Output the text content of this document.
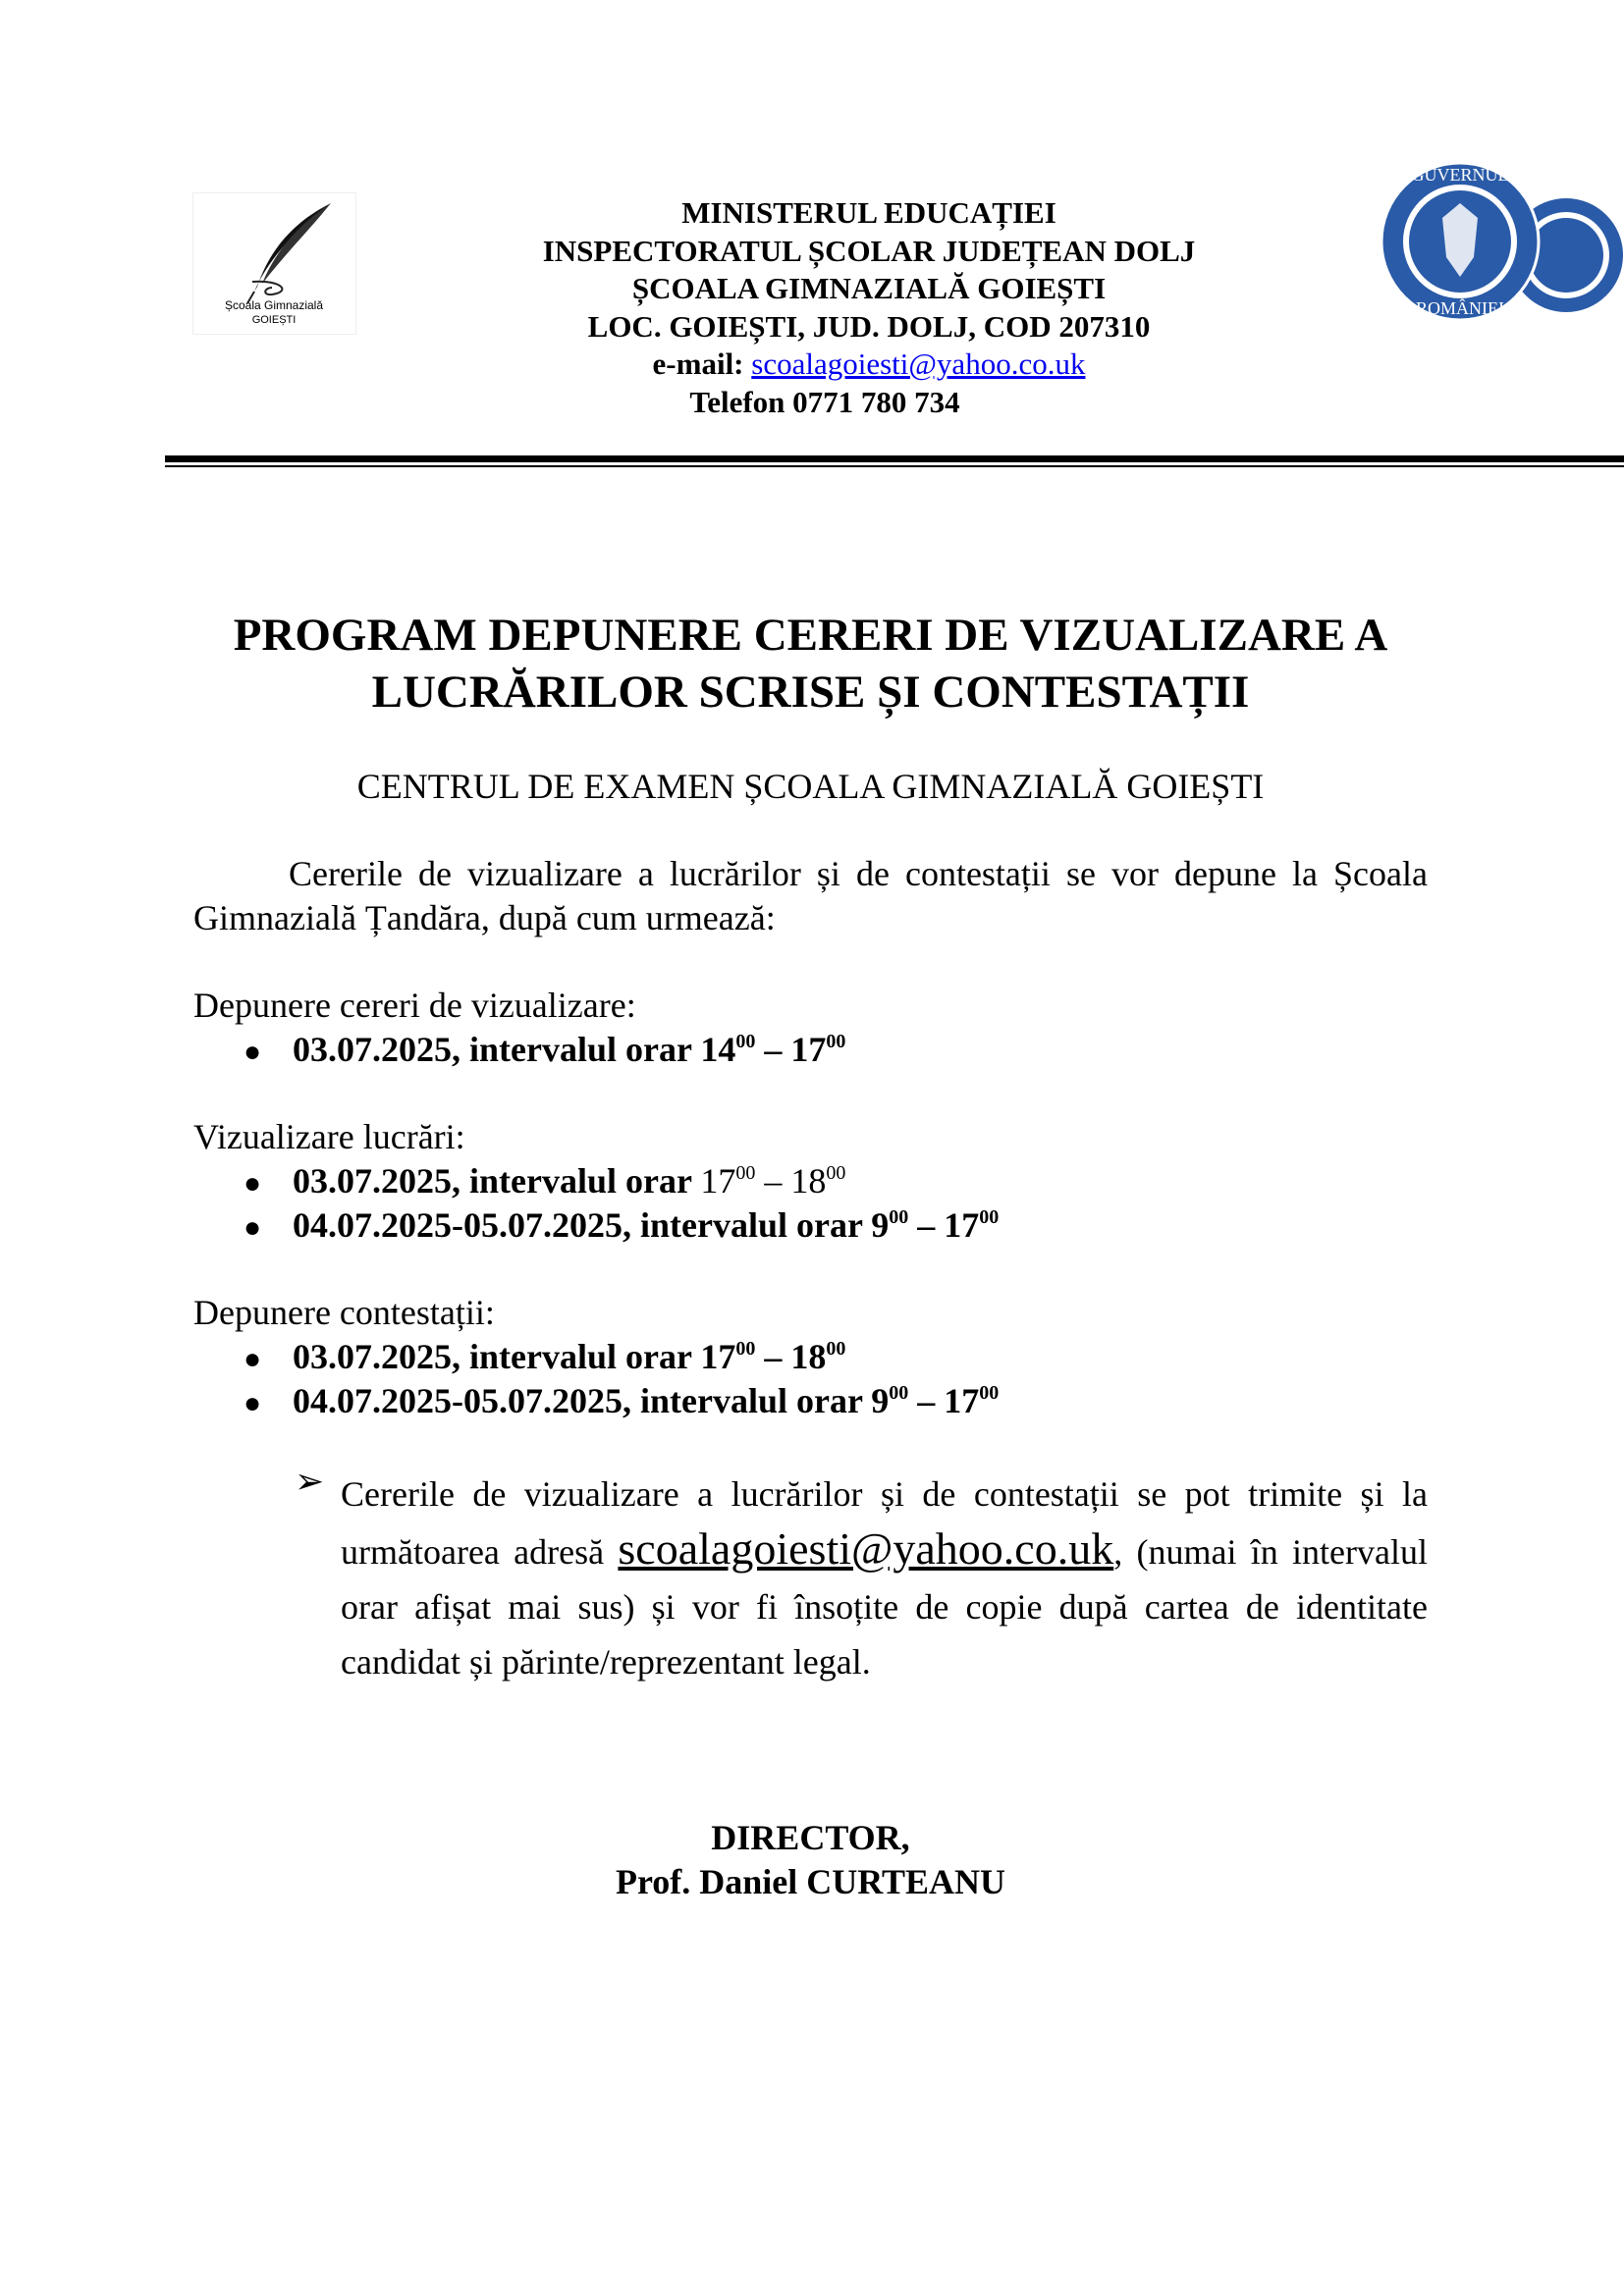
Școala Gimnazială
GOIEȘTI
GUVERNUL
ROMÂNIEI
MINISTERUL EDUCAȚIEI
INSPECTORATUL ȘCOLAR JUDEȚEAN DOLJ
ȘCOALA GIMNAZIALĂ GOIEȘTI
LOC. GOIEȘTI, JUD. DOLJ, COD 207310
e-mail: scoalagoiesti@yahoo.co.uk
Telefon 0771 780 734
PROGRAM DEPUNERE CERERI DE VIZUALIZARE A
LUCRĂRILOR SCRISE ȘI CONTESTAȚII
CENTRUL DE EXAMEN ȘCOALA GIMNAZIALĂ GOIEȘTI
Cererile de vizualizare a lucrărilor și de contestații se vor depune la Școala Gimnazială Țandăra, după cum urmează:
Depunere cereri de vizualizare:
● 03.07.2025, intervalul orar $14^{00} - 17^{00}$
Vizualizare lucrări:
● 03.07.2025, intervalul orar $17^{00} - 18^{00}$
● 04.07.2025-05.07.2025, intervalul orar $9^{00} - 17^{00}$
Depunere contestații:
● 03.07.2025, intervalul orar $17^{00} - 18^{00}$
● 04.07.2025-05.07.2025, intervalul orar $9^{00} - 17^{00}$
➢ Cererile de vizualizare a lucrărilor și de contestații se pot trimite și la următoarea adresă scoalagoiesti@yahoo.co.uk, (numai în intervalul orar afișat mai sus) și vor fi însoțite de copie după cartea de identitate candidat și părinte/reprezentant legal.
DIRECTOR,
Prof. Daniel CURTEANU
